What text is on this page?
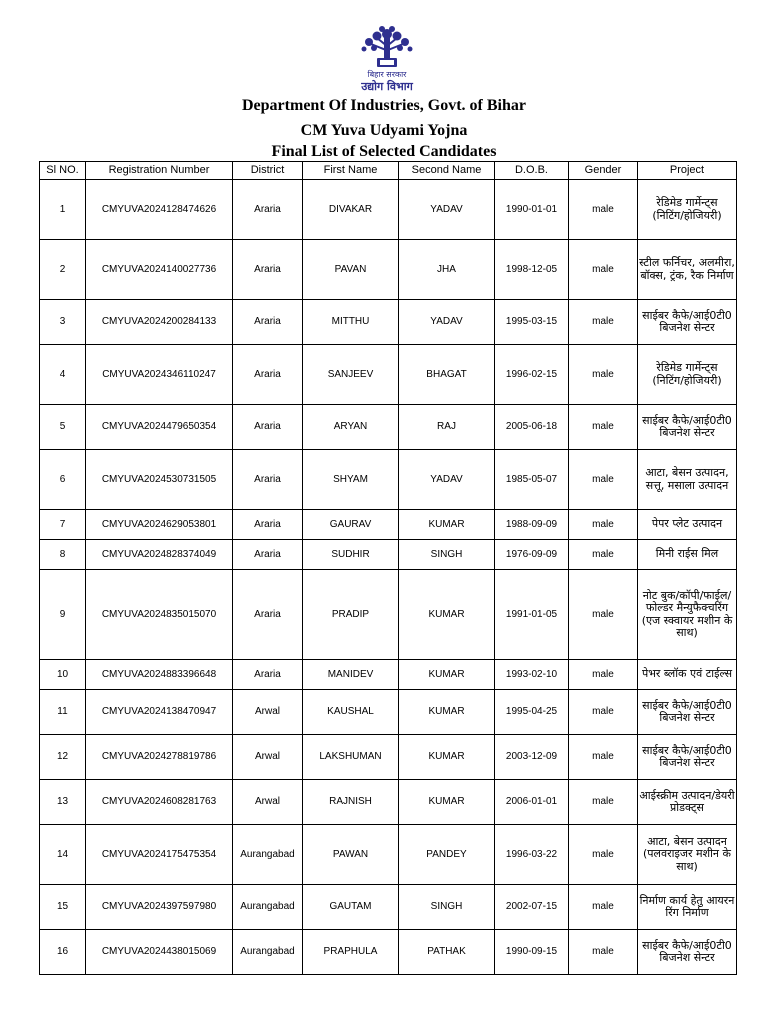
बिहार सरकार
उद्योग विभाग
Department Of Industries, Govt. of Bihar
CM Yuva Udyami Yojna
Final List of Selected Candidates
Sl NO.	Registration Number	District	First Name	Second Name	D.O.B.	Gender	Project
1	CMYUVA2024128474626	Araria	DIVAKAR	YADAV	1990-01-01	male	रेडिमेड गार्मेन्ट्स (निटिंग/होजियरी)
2	CMYUVA2024140027736	Araria	PAVAN	JHA	1998-12-05	male	स्टील फर्निचर, अलमीरा, बॉक्स, ट्रंक, रैक निर्माण
3	CMYUVA2024200284133	Araria	MITTHU	YADAV	1995-03-15	male	साईबर कैफे/आई0टी0 बिजनेश सेन्टर
4	CMYUVA2024346110247	Araria	SANJEEV	BHAGAT	1996-02-15	male	रेडिमेड गार्मेन्ट्स (निटिंग/होजियरी)
5	CMYUVA2024479650354	Araria	ARYAN	RAJ	2005-06-18	male	साईबर कैफे/आई0टी0 बिजनेश सेन्टर
6	CMYUVA2024530731505	Araria	SHYAM	YADAV	1985-05-07	male	आटा, बेसन उत्पादन, सत्तू, मसाला उत्पादन
7	CMYUVA2024629053801	Araria	GAURAV	KUMAR	1988-09-09	male	पेपर प्लेट उत्पादन
8	CMYUVA2024828374049	Araria	SUDHIR	SINGH	1976-09-09	male	मिनी राईस मिल
9	CMYUVA2024835015070	Araria	PRADIP	KUMAR	1991-01-05	male	नोट बुक/कॉपी/फाईल/फोल्डर मैन्युफैक्चरिंग (एज स्क्वायर मशीन के साथ)
10	CMYUVA2024883396648	Araria	MANIDEV	KUMAR	1993-02-10	male	पेभर ब्लॉक एवं टाईल्स
11	CMYUVA2024138470947	Arwal	KAUSHAL	KUMAR	1995-04-25	male	साईबर कैफे/आई0टी0 बिजनेश सेन्टर
12	CMYUVA2024278819786	Arwal	LAKSHUMAN	KUMAR	2003-12-09	male	साईबर कैफे/आई0टी0 बिजनेश सेन्टर
13	CMYUVA2024608281763	Arwal	RAJNISH	KUMAR	2006-01-01	male	आईस्क्रीम उत्पादन/डेयरी प्रोडक्ट्स
14	CMYUVA2024175475354	Aurangabad	PAWAN	PANDEY	1996-03-22	male	आटा, बेसन उत्पादन (पलवराइजर मशीन के साथ)
15	CMYUVA2024397597980	Aurangabad	GAUTAM	SINGH	2002-07-15	male	निर्माण कार्य हेतु आयरन रिंग निर्माण
16	CMYUVA2024438015069	Aurangabad	PRAPHULA	PATHAK	1990-09-15	male	साईबर कैफे/आई0टी0 बिजनेश सेन्टर
